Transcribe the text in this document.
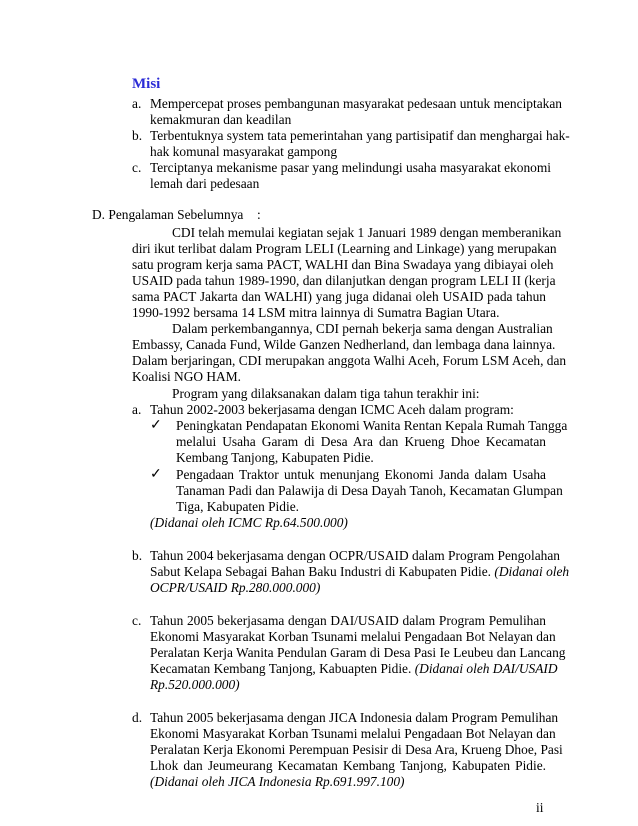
Misi
a. Mempercepat proses pembangunan masyarakat pedesaan untuk menciptakan
kemakmuran dan keadilan
b. Terbentuknya system tata pemerintahan yang partisipatif dan menghargai hak-
hak komunal masyarakat gampong
c. Terciptanya mekanisme pasar yang melindungi usaha masyarakat ekonomi
lemah dari pedesaan
D. Pengalaman Sebelumnya :
CDI telah memulai kegiatan sejak 1 Januari 1989 dengan memberanikan
diri ikut terlibat dalam Program LELI (Learning and Linkage) yang merupakan
satu program kerja sama PACT, WALHI dan Bina Swadaya yang dibiayai oleh
USAID pada tahun 1989-1990, dan dilanjutkan dengan program LELI II (kerja
sama PACT Jakarta dan WALHI) yang juga didanai oleh USAID pada tahun
1990-1992 bersama 14 LSM mitra lainnya di Sumatra Bagian Utara.
Dalam perkembangannya, CDI pernah bekerja sama dengan Australian
Embassy, Canada Fund, Wilde Ganzen Nedherland, dan lembaga dana lainnya.
Dalam berjaringan, CDI merupakan anggota Walhi Aceh, Forum LSM Aceh, dan
Koalisi NGO HAM.
Program yang dilaksanakan dalam tiga tahun terakhir ini:
a. Tahun 2002-2003 bekerjasama dengan ICMC Aceh dalam program:
✓ Peningkatan Pendapatan Ekonomi Wanita Rentan Kepala Rumah Tangga
melalui Usaha Garam di Desa Ara dan Krueng Dhoe Kecamatan
Kembang Tanjong, Kabupaten Pidie.
✓ Pengadaan Traktor untuk menunjang Ekonomi Janda dalam Usaha
Tanaman Padi dan Palawija di Desa Dayah Tanoh, Kecamatan Glumpan
Tiga, Kabupaten Pidie.
(Didanai oleh ICMC Rp.64.500.000)
b. Tahun 2004 bekerjasama dengan OCPR/USAID dalam Program Pengolahan
Sabut Kelapa Sebagai Bahan Baku Industri di Kabupaten Pidie. (Didanai oleh
OCPR/USAID Rp.280.000.000)
c. Tahun 2005 bekerjasama dengan DAI/USAID dalam Program Pemulihan
Ekonomi Masyarakat Korban Tsunami melalui Pengadaan Bot Nelayan dan
Peralatan Kerja Wanita Pendulan Garam di Desa Pasi Ie Leubeu dan Lancang
Kecamatan Kembang Tanjong, Kabuapten Pidie. (Didanai oleh DAI/USAID
Rp.520.000.000)
d. Tahun 2005 bekerjasama dengan JICA Indonesia dalam Program Pemulihan
Ekonomi Masyarakat Korban Tsunami melalui Pengadaan Bot Nelayan dan
Peralatan Kerja Ekonomi Perempuan Pesisir di Desa Ara, Krueng Dhoe, Pasi
Lhok dan Jeumeurang Kecamatan Kembang Tanjong, Kabupaten Pidie.
(Didanai oleh JICA Indonesia Rp.691.997.100)
ii
